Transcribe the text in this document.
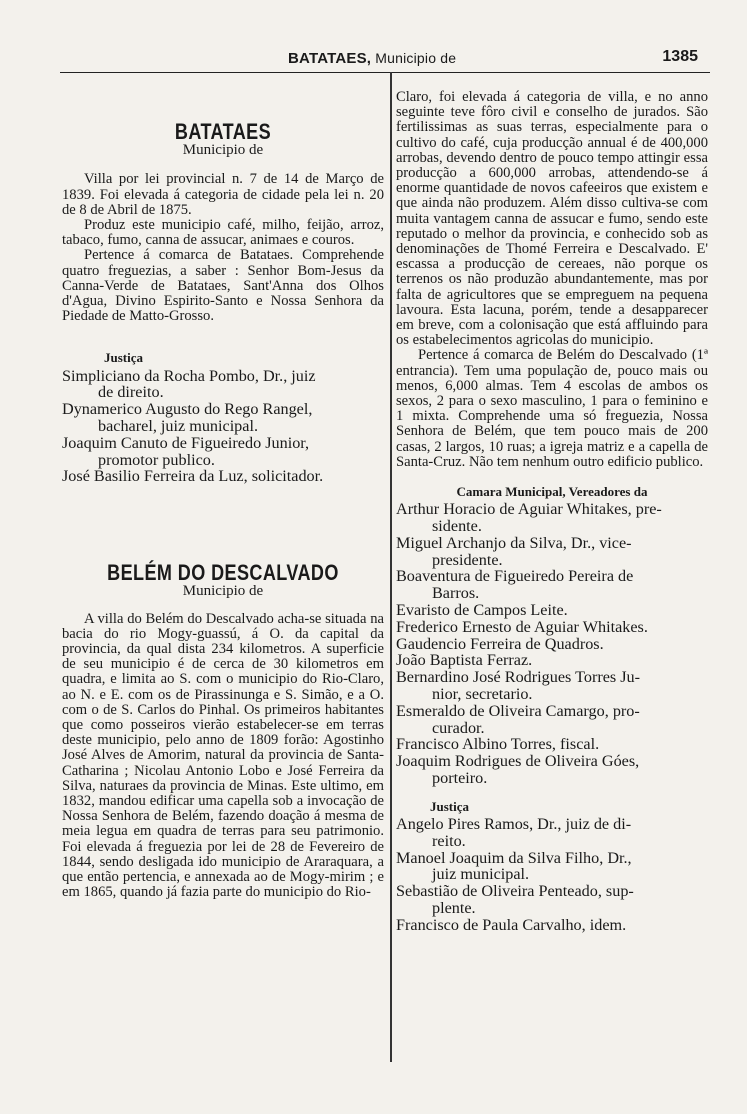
BATATAES, Municipio de	1385
BATATAES
Municipio de

Villa por lei provincial n. 7 de 14 de Março de 1839. Foi elevada á categoria de cidade pela lei n. 20 de 8 de Abril de 1875.

Produz este municipio café, milho, feijão, arroz, tabaco, fumo, canna de assucar, animaes e couros.

Pertence á comarca de Batataes. Comprehende quatro freguezias, a saber : Senhor Bom-Jesus da Canna-Verde de Batataes, Sant'Anna dos Olhos d'Agua, Divino Espirito-Santo e Nossa Senhora da Piedade de Matto-Grosso.

Justiça
Simpliciano da Rocha Pombo, Dr., juiz
de direito.
Dynamerico Augusto do Rego Rangel,
bacharel, juiz municipal.
Joaquim Canuto de Figueiredo Junior,
promotor publico.
José Basilio Ferreira da Luz, solicitador.
BELÉM DO DESCALVADO
Municipio de

A villa do Belém do Descalvado acha-se situada na bacia do rio Mogy-guassú, á O. da capital da provincia, da qual dista 234 kilometros. A superficie de seu municipio é de cerca de 30 kilometros em quadra, e limita ao S. com o municipio do Rio-Claro, ao N. e E. com os de Pirassinunga e S. Simão, e a O. com o de S. Carlos do Pinhal. Os primeiros habitantes que como posseiros vierão estabelecer-se em terras deste municipio, pelo anno de 1809 forão: Agostinho José Alves de Amorim, natural da provincia de Santa-Catharina ; Nicolau Antonio Lobo e José Ferreira da Silva, naturaes da provincia de Minas. Este ultimo, em 1832, mandou edificar uma capella sob a invocação de Nossa Senhora de Belém, fazendo doação á mesma de meia legua em quadra de terras para seu patrimonio. Foi elevada á freguezia por lei de 28 de Fevereiro de 1844, sendo desligada ido municipio de Araraquara, a que então pertencia, e annexada ao de Mogy-mirim ; e em 1865, quando já fazia parte do municipio do Rio-

Claro, foi elevada á categoria de villa, e no anno seguinte teve fôro civil e conselho de jurados. São fertilissimas as suas terras, especialmente para o cultivo do café, cuja producção annual é de 400,000 arrobas, devendo dentro de pouco tempo attingir essa producção a 600,000 arrobas, attendendo-se á enorme quantidade de novos cafeeiros que existem e que ainda não produzem. Além disso cultiva-se com muita vantagem canna de assucar e fumo, sendo este reputado o melhor da provincia, e conhecido sob as denominações de Thomé Ferreira e Descalvado. E' escassa a producção de cereaes, não porque os terrenos os não produzão abundantemente, mas por falta de agricultores que se empreguem na pequena lavoura. Esta lacuna, porém, tende a desapparecer em breve, com a colonisação que está affluindo para os estabelecimentos agricolas do municipio.

Pertence á comarca de Belém do Descalvado (1ª entrancia). Tem uma população de, pouco mais ou menos, 6,000 almas. Tem 4 escolas de ambos os sexos, 2 para o sexo masculino, 1 para o feminino e 1 mixta. Comprehende uma só freguezia, Nossa Senhora de Belém, que tem pouco mais de 200 casas, 2 largos, 10 ruas; a igreja matriz e a capella de Santa-Cruz. Não tem nenhum outro edificio publico.

Camara Municipal, Vereadores da
Arthur Horacio de Aguiar Whitakes, pre-
sidente.
Miguel Archanjo da Silva, Dr., vice-
presidente.
Boaventura de Figueiredo Pereira de
Barros.
Evaristo de Campos Leite.
Frederico Ernesto de Aguiar Whitakes.
Gaudencio Ferreira de Quadros.
João Baptista Ferraz.
Bernardino José Rodrigues Torres Ju-
nior, secretario.
Esmeraldo de Oliveira Camargo, pro-
curador.
Francisco Albino Torres, fiscal.
Joaquim Rodrigues de Oliveira Góes,
porteiro.
Justiça
Angelo Pires Ramos, Dr., juiz de di-
reito.
Manoel Joaquim da Silva Filho, Dr.,
juiz municipal.
Sebastião de Oliveira Penteado, sup-
plente.
Francisco de Paula Carvalho, idem.
